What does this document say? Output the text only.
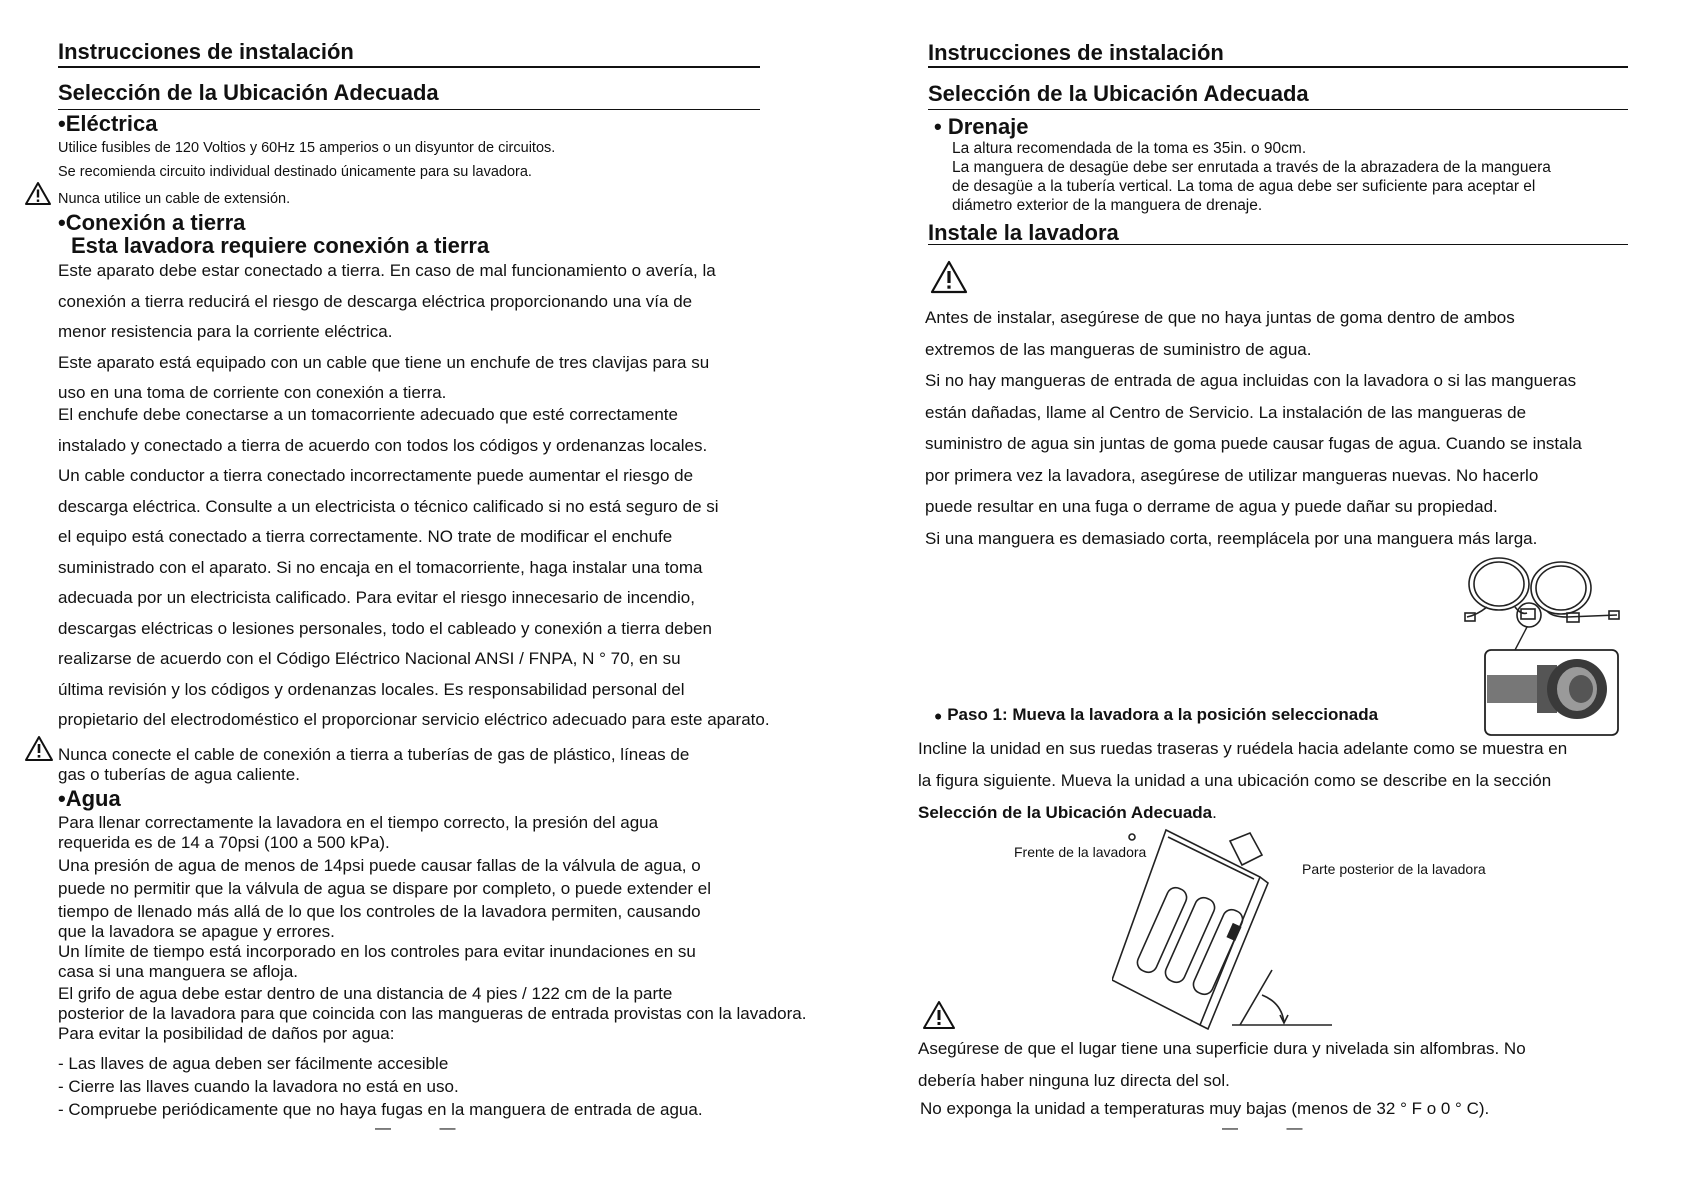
Instrucciones de instalación
Selección de la Ubicación Adecuada
•Eléctrica
Utilice fusibles de 120 Voltios y 60Hz 15 amperios o un disyuntor de circuitos.
Se recomienda circuito individual destinado únicamente para su lavadora.
Nunca utilice un cable de extensión.
•Conexión a tierra
Esta lavadora requiere conexión a tierra
Este aparato debe estar conectado a tierra. En caso de mal funcionamiento o avería, la
conexión a tierra reducirá el riesgo de descarga eléctrica proporcionando una vía de
menor resistencia para la corriente eléctrica.
Este aparato está equipado con un cable que tiene un enchufe de tres clavijas para su
uso en una toma de corriente con conexión a tierra.
El enchufe debe conectarse a un tomacorriente adecuado que esté correctamente
instalado y conectado a tierra de acuerdo con todos los códigos y ordenanzas locales.
Un cable conductor a tierra conectado incorrectamente puede aumentar el riesgo de
descarga eléctrica. Consulte a un electricista o técnico calificado si no está seguro de si
el equipo está conectado a tierra correctamente. NO trate de modificar el enchufe
suministrado con el aparato. Si no encaja en el tomacorriente, haga instalar una toma
adecuada por un electricista calificado. Para evitar el riesgo innecesario de incendio,
descargas eléctricas o lesiones personales, todo el cableado y conexión a tierra deben
realizarse de acuerdo con el Código Eléctrico Nacional ANSI / FNPA, N ° 70, en su
última revisión y los códigos y ordenanzas locales. Es responsabilidad personal del
propietario del electrodoméstico el proporcionar servicio eléctrico adecuado para este aparato.
Nunca conecte el cable de conexión a tierra a tuberías de gas de plástico, líneas de
gas o tuberías de agua caliente.
•Agua
Para llenar correctamente la lavadora en el tiempo correcto, la presión del agua
requerida es de 14 a 70psi (100 a 500 kPa).
Una presión de agua de menos de 14psi puede causar fallas de la válvula de agua, o
puede no permitir que la válvula de agua se dispare por completo, o puede extender el
tiempo de llenado más allá de lo que los controles de la lavadora permiten, causando
que la lavadora se apague y errores.
Un límite de tiempo está incorporado en los controles para evitar inundaciones en su
casa si una manguera se afloja.
El grifo de agua debe estar dentro de una distancia de 4 pies / 122 cm de la parte
posterior de la lavadora para que coincida con las mangueras de entrada provistas con la lavadora.
Para evitar la posibilidad de daños por agua:
- Las llaves de agua deben ser fácilmente accesible
- Cierre las llaves cuando la lavadora no está en uso.
- Compruebe periódicamente que no haya fugas en la manguera de entrada de agua.
— —
Instrucciones de instalación
Selección de la Ubicación Adecuada
• Drenaje
La altura recomendada de la toma es 35in. o 90cm.
La manguera de desagüe debe ser enrutada a través de la abrazadera de la manguera
de desagüe a la tubería vertical. La toma de agua debe ser suficiente para aceptar el
diámetro exterior de la manguera de drenaje.
Instale la lavadora
Antes de instalar, asegúrese de que no haya juntas de goma dentro de ambos
extremos de las mangueras de suministro de agua.
Si no hay mangueras de entrada de agua incluidas con la lavadora o si las mangueras
están dañadas, llame al Centro de Servicio. La instalación de las mangueras de
suministro de agua sin juntas de goma puede causar fugas de agua. Cuando se instala
por primera vez la lavadora, asegúrese de utilizar mangueras nuevas. No hacerlo
puede resultar en una fuga o derrame de agua y puede dañar su propiedad.
Si una manguera es demasiado corta, reemplácela por una manguera más larga.
● Paso 1: Mueva la lavadora a la posición seleccionada
Incline la unidad en sus ruedas traseras y ruédela hacia adelante como se muestra en
la figura siguiente. Mueva la unidad a una ubicación como se describe en la sección
Selección de la Ubicación Adecuada.
Frente de la lavadora
Parte posterior de la lavadora
Asegúrese de que el lugar tiene una superficie dura y nivelada sin alfombras. No
debería haber ninguna luz directa del sol.
No exponga la unidad a temperaturas muy bajas (menos de 32 ° F o 0 ° C).
— —
